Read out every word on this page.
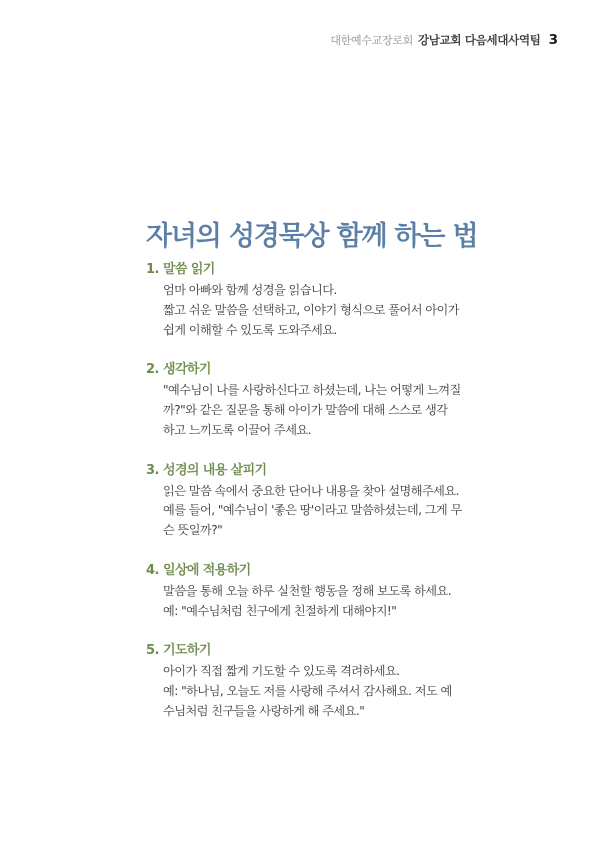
대한예수교장로회 강남교회 다음세대사역팀 3
자녀의 성경묵상 함께 하는 법
1. 말씀 읽기
엄마 아빠와 함께 성경을 읽습니다.
짧고 쉬운 말씀을 선택하고, 이야기 형식으로 풀어서 아이가
쉽게 이해할 수 있도록 도와주세요.
2. 생각하기
"예수님이 나를 사랑하신다고 하셨는데, 나는 어떻게 느껴질
까?"와 같은 질문을 통해 아이가 말씀에 대해 스스로 생각
하고 느끼도록 이끌어 주세요.
3. 성경의 내용 살피기
읽은 말씀 속에서 중요한 단어나 내용을 찾아 설명해주세요.
예를 들어, "예수님이 '좋은 땅'이라고 말씀하셨는데, 그게 무
슨 뜻일까?"
4. 일상에 적용하기
말씀을 통해 오늘 하루 실천할 행동을 정해 보도록 하세요.
예: "예수님처럼 친구에게 친절하게 대해야지!"
5. 기도하기
아이가 직접 짧게 기도할 수 있도록 격려하세요.
예: "하나님, 오늘도 저를 사랑해 주셔서 감사해요. 저도 예
수님처럼 친구들을 사랑하게 해 주세요."
